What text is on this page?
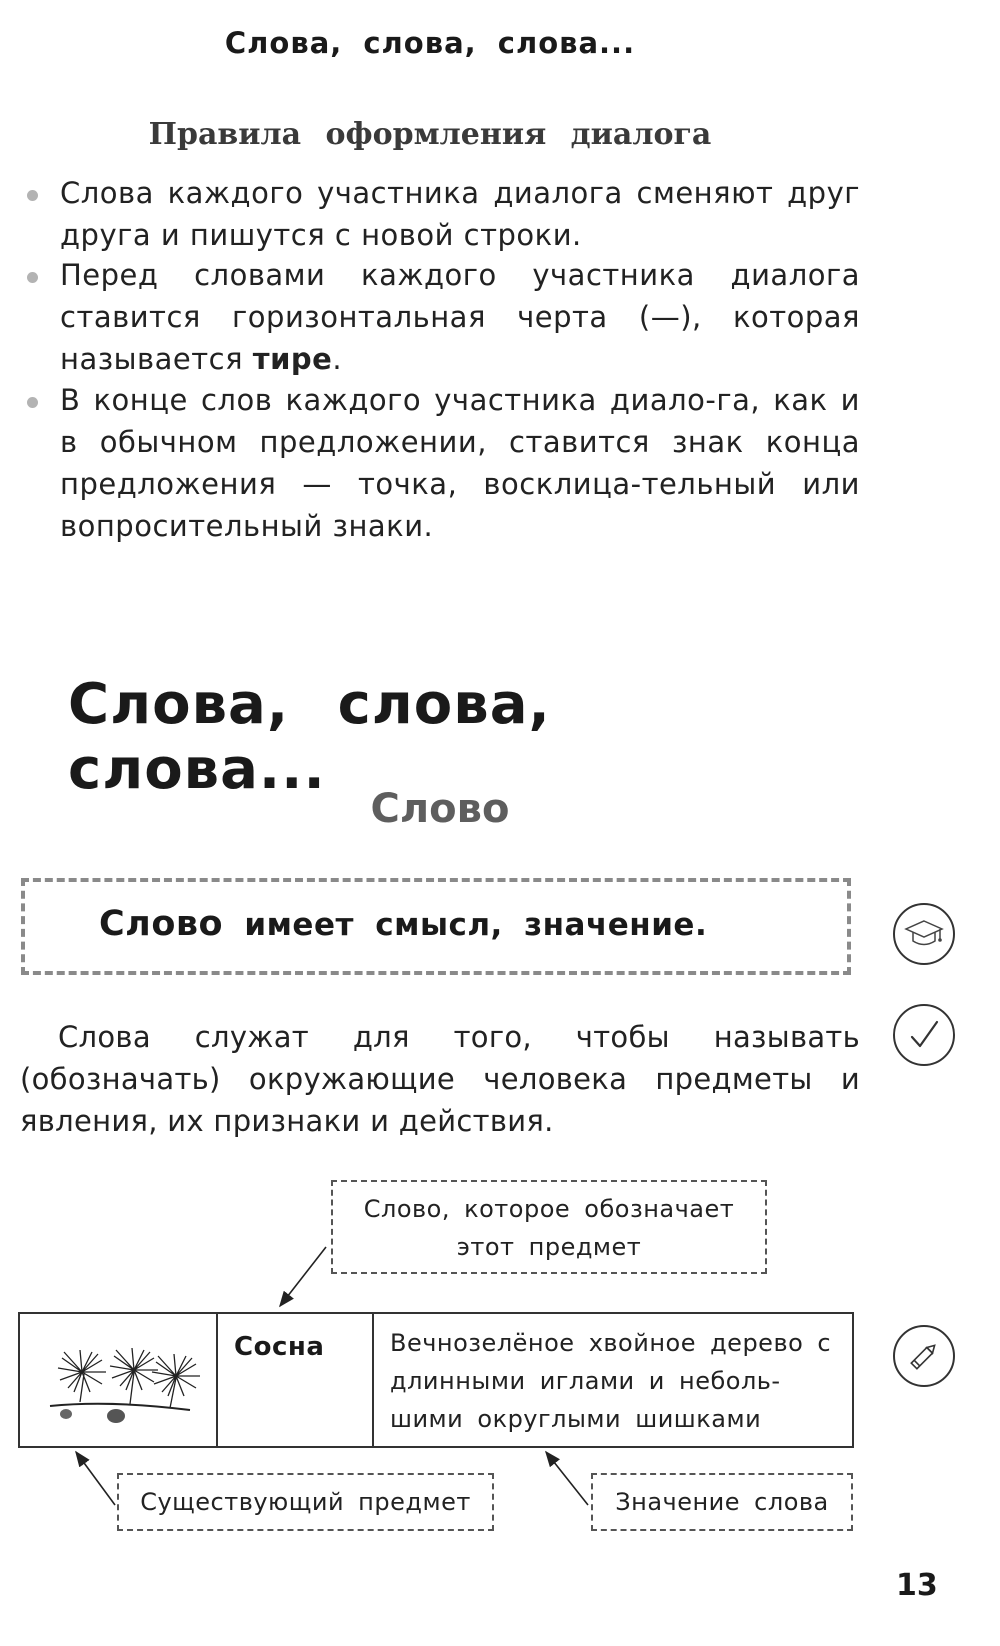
Слова, слова, слова...
Правила оформления диалога
Слова каждого участника диалога сменяют друг друга и пишутся с новой строки.
Перед словами каждого участника диалога ставится горизонтальная черта (—), которая называется тире.
В конце слов каждого участника диало-га, как и в обычном предложении, ставится знак конца предложения — точка, восклица-тельный или вопросительный знаки.
Слова, слова, слова...
Слово
Слово имеет смысл, значение.
Слова служат для того, чтобы называть (обозначать) окружающие человека предметы и явления, их признаки и действия.
Слово, которое обозначает этот предмет
	Сосна	Вечнозелёное хвойное дерево с длинными иглами и неболь-шими округлыми шишками
Существующий предмет	Значение слова
13
